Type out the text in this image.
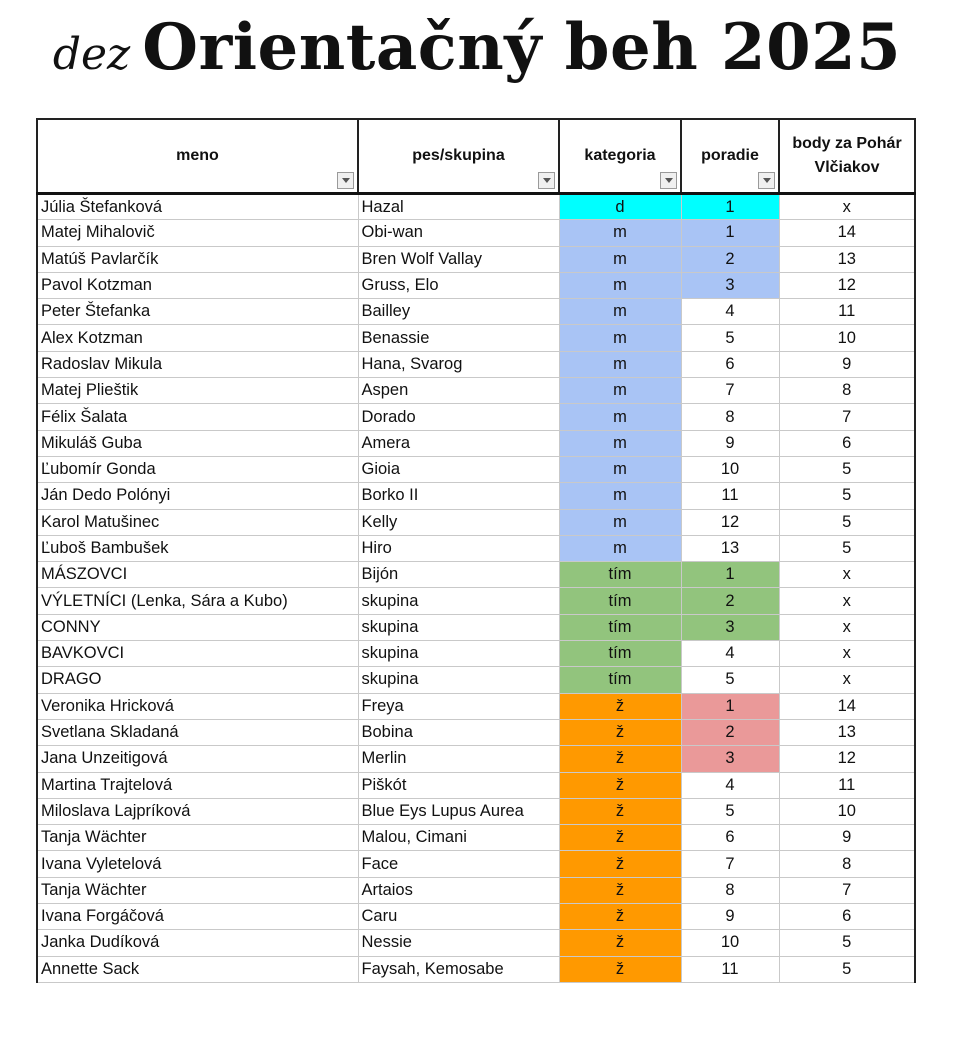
dez Orientačný beh 2025
meno	pes/skupina	kategoria	poradie	body za Pohár Vlčiakov
Júlia Štefanková	Hazal	d	1	x
Matej Mihalovič	Obi-wan	m	1	14
Matúš Pavlarčík	Bren Wolf Vallay	m	2	13
Pavol Kotzman	Gruss, Elo	m	3	12
Peter Štefanka	Bailley	m	4	11
Alex Kotzman	Benassie	m	5	10
Radoslav Mikula	Hana, Svarog	m	6	9
Matej Plieštik	Aspen	m	7	8
Félix Šalata	Dorado	m	8	7
Mikuláš Guba	Amera	m	9	6
Ľubomír Gonda	Gioia	m	10	5
Ján Dedo Polónyi	Borko II	m	11	5
Karol Matušinec	Kelly	m	12	5
Ľuboš Bambušek	Hiro	m	13	5
MÁSZOVCI	Bijón	tím	1	x
VÝLETNÍCI (Lenka, Sára a Kubo)	skupina	tím	2	x
CONNY	skupina	tím	3	x
BAVKOVCI	skupina	tím	4	x
DRAGO	skupina	tím	5	x
Veronika Hricková	Freya	ž	1	14
Svetlana Skladaná	Bobina	ž	2	13
Jana Unzeitigová	Merlin	ž	3	12
Martina Trajtelová	Piškót	ž	4	11
Miloslava Lajpríková	Blue Eys Lupus Aurea	ž	5	10
Tanja Wächter	Malou, Cimani	ž	6	9
Ivana Vyletelová	Face	ž	7	8
Tanja Wächter	Artaios	ž	8	7
Ivana Forgáčová	Caru	ž	9	6
Janka Dudíková	Nessie	ž	10	5
Annette Sack	Faysah, Kemosabe	ž	11	5
